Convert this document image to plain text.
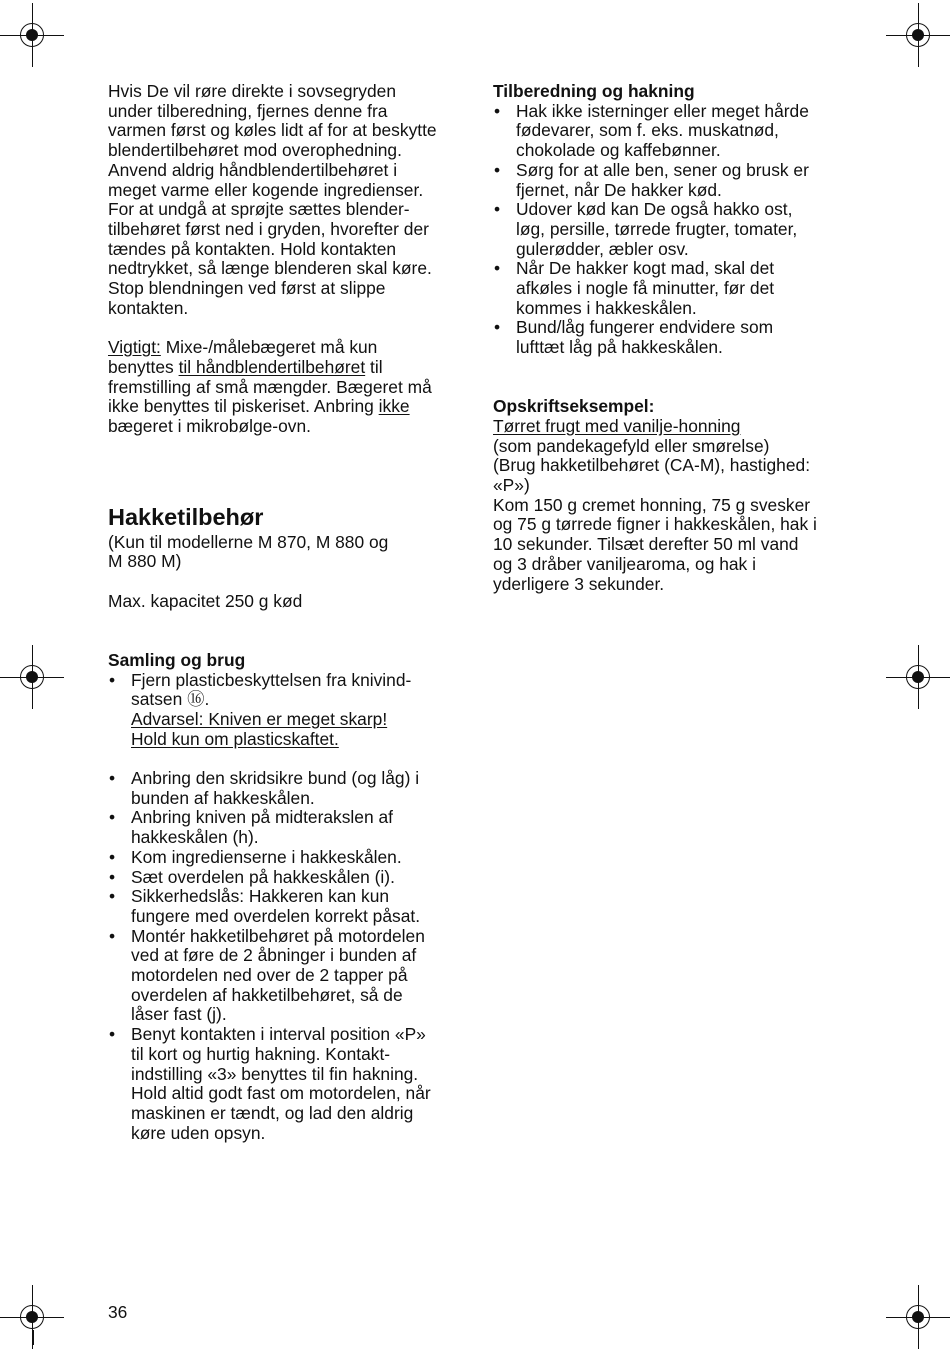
Hvis De vil røre direkte i sovsegryden
under tilberedning, fjernes denne fra
varmen først og køles lidt af for at beskytte
blendertilbehøret mod overophedning.
Anvend aldrig håndblendertilbehøret i
meget varme eller kogende ingredienser.
For at undgå at sprøjte sættes blender-
tilbehøret først ned i gryden, hvorefter der
tændes på kontakten. Hold kontakten
nedtrykket, så længe blenderen skal køre.
Stop blendningen ved først at slippe
kontakten.

Vigtigt: Mixe-/målebægeret må kun
benyttes til håndblendertilbehøret til
fremstilling af små mængder. Bægeret må
ikke benyttes til piskeriset. Anbring ikke
bægeret i mikrobølge-ovn.

Hakketilbehør

(Kun til modellerne M 870, M 880 og
M 880 M)

Max. kapacitet 250 g kød

Samling og brug

• Fjern plasticbeskyttelsen fra knivind-
satsen ⑯.
Advarsel: Kniven er meget skarp!
Hold kun om plasticskaftet.
• Anbring den skridsikre bund (og låg) i
bunden af hakkeskålen.
• Anbring kniven på midterakslen af
hakkeskålen (h).
• Kom ingredienserne i hakkeskålen.
• Sæt overdelen på hakkeskålen (i).
• Sikkerhedslås: Hakkeren kan kun
fungere med overdelen korrekt påsat.
• Montér hakketilbehøret på motordelen
ved at føre de 2 åbninger i bunden af
motordelen ned over de 2 tapper på
overdelen af hakketilbehøret, så de
låser fast (j).
• Benyt kontakten i interval position «P»
til kort og hurtig hakning. Kontakt-
indstilling «3» benyttes til fin hakning.
Hold altid godt fast om motordelen, når
maskinen er tændt, og lad den aldrig
køre uden opsyn.

Tilberedning og hakning

• Hak ikke isterninger eller meget hårde
fødevarer, som f. eks. muskatnød,
chokolade og kaffebønner.
• Sørg for at alle ben, sener og brusk er
fjernet, når De hakker kød.
• Udover kød kan De også hakko ost,
løg, persille, tørrede frugter, tomater,
gulerødder, æbler osv.
• Når De hakker kogt mad, skal det
afkøles i nogle få minutter, før det
kommes i hakkeskålen.
• Bund/låg fungerer endvidere som
lufttæt låg på hakkeskålen.

Opskriftseksempel:

Tørret frugt med vanilje-honning

(som pandekagefyld eller smørelse)
(Brug hakketilbehøret (CA-M), hastighed:
«P»)
Kom 150 g cremet honning, 75 g svesker
og 75 g tørrede figner i hakkeskålen, hak i
10 sekunder. Tilsæt derefter 50 ml vand
og 3 dråber vaniljearoma, og hak i
yderligere 3 sekunder.

36
